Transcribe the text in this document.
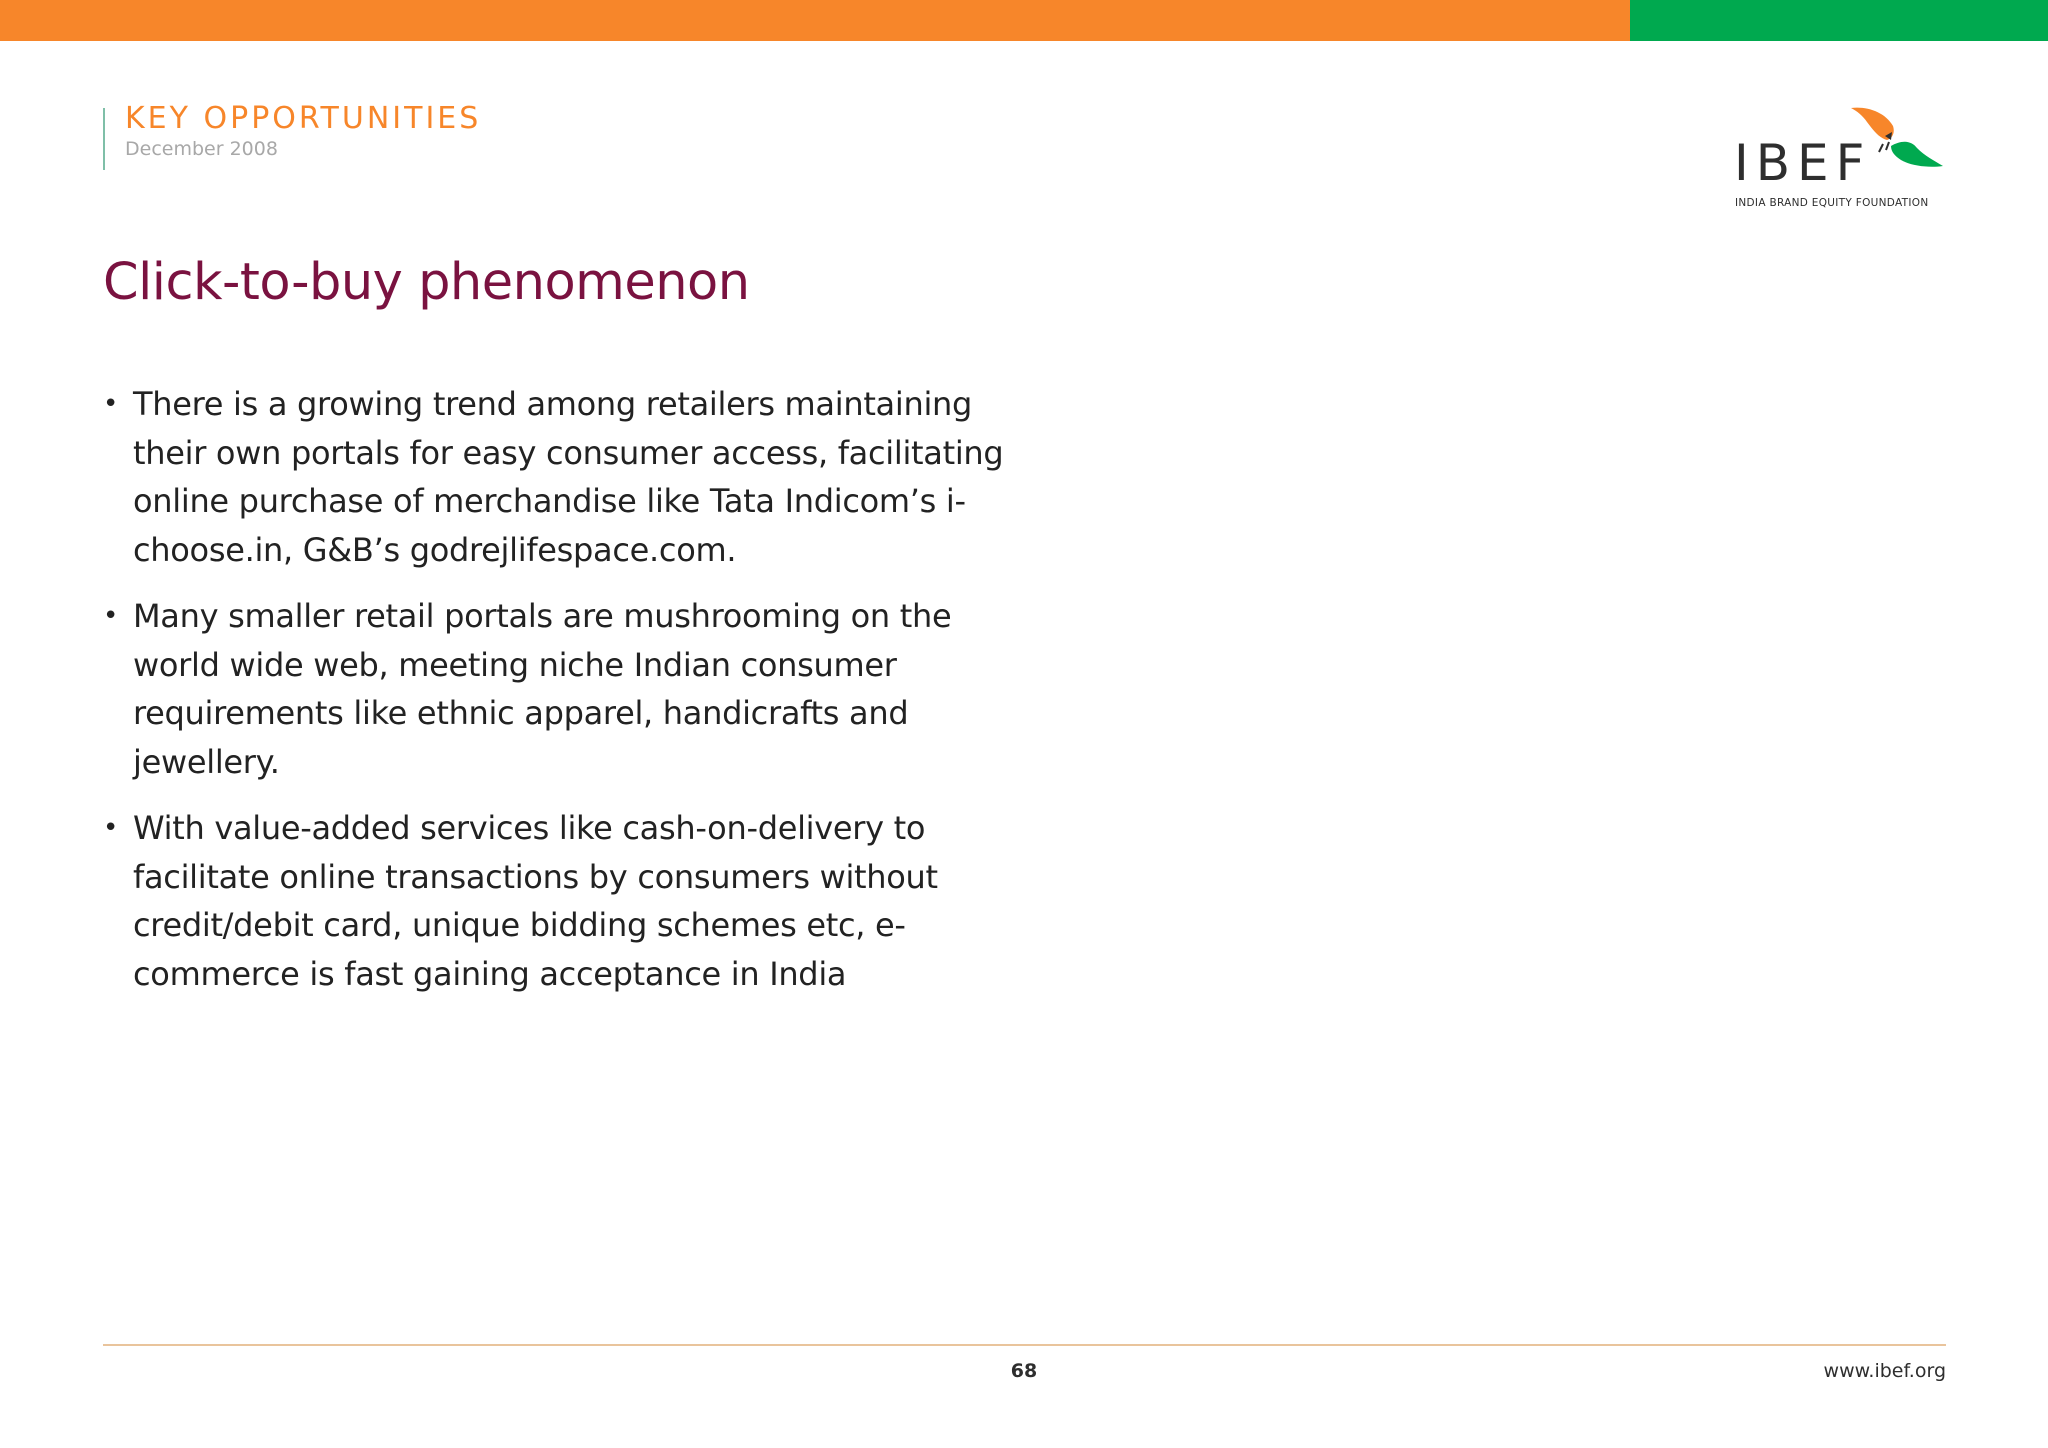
KEY OPPORTUNITIES
December 2008	IBEF
INDIA BRAND EQUITY FOUNDATION
Click-to-buy phenomenon
• There is a growing trend among retailers maintaining their own portals for easy consumer access, facilitating online purchase of merchandise like Tata Indicom’s i-choose.in, G&B’s godrejlifespace.com.
• Many smaller retail portals are mushrooming on the world wide web, meeting niche Indian consumer requirements like ethnic apparel, handicrafts and jewellery.
• With value-added services like cash-on-delivery to facilitate online transactions by consumers without credit/debit card, unique bidding schemes etc, e-commerce is fast gaining acceptance in India
68	www.ibef.org
